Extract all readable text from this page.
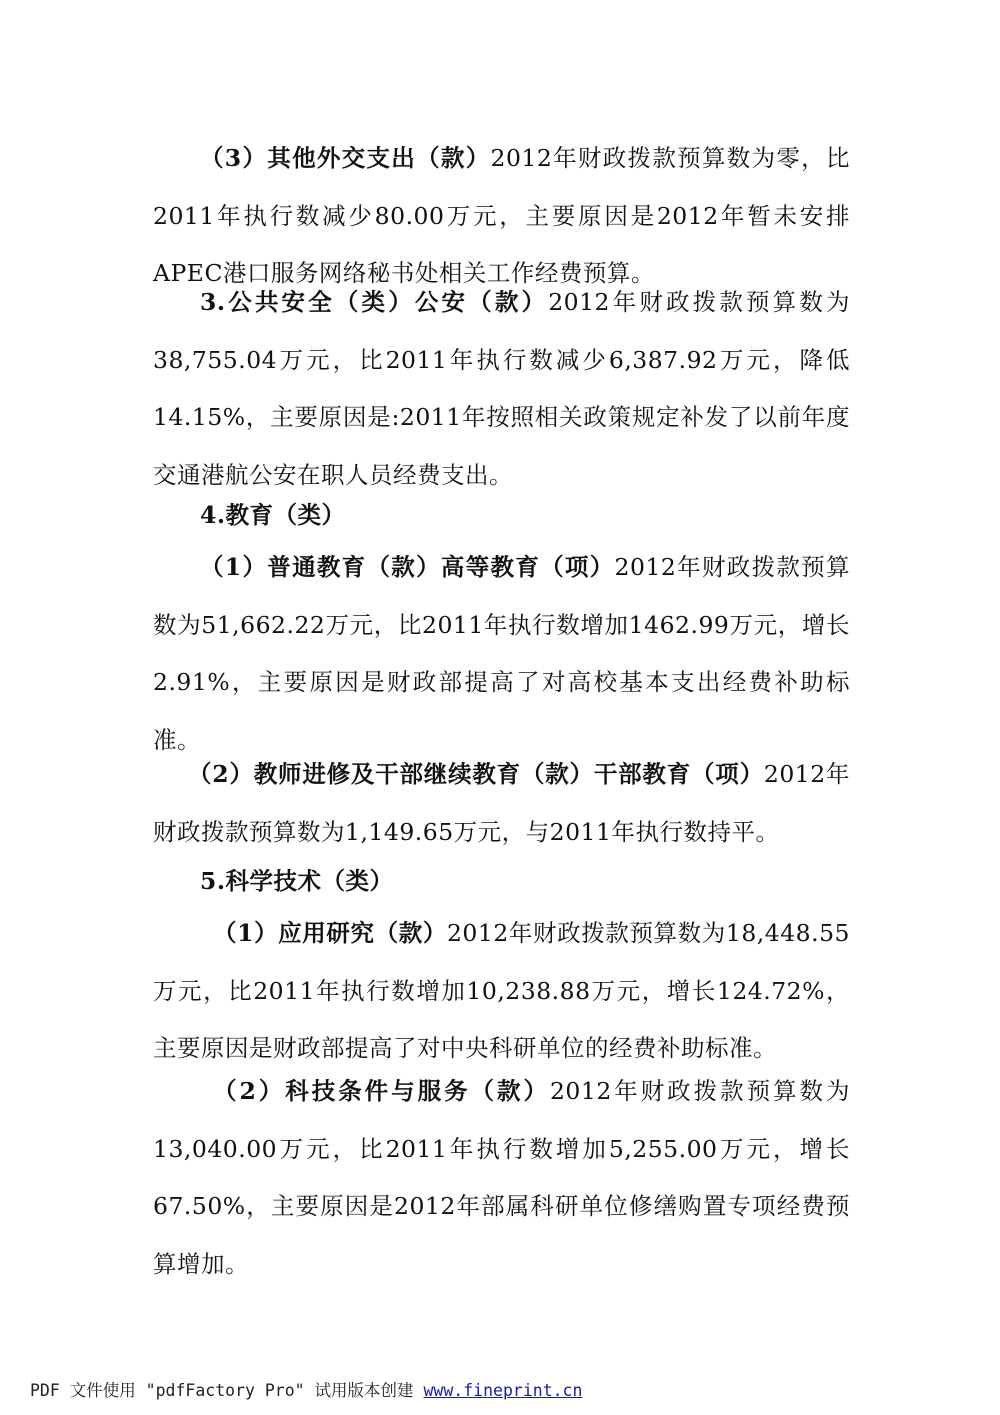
（3）其他外交支出（款）2012年财政拨款预算数为零，比2011年执行数减少80.00万元，主要原因是2012年暂未安排APEC港口服务网络秘书处相关工作经费预算。

3.公共安全（类）公安（款）2012年财政拨款预算数为38,755.04万元，比2011年执行数减少6,387.92万元，降低14.15%，主要原因是:2011年按照相关政策规定补发了以前年度交通港航公安在职人员经费支出。

4.教育（类）

（1）普通教育（款）高等教育（项）2012年财政拨款预算数为51,662.22万元，比2011年执行数增加1462.99万元，增长2.91%，主要原因是财政部提高了对高校基本支出经费补助标准。

（2）教师进修及干部继续教育（款）干部教育（项）2012年财政拨款预算数为1,149.65万元，与2011年执行数持平。

5.科学技术（类）

（1）应用研究（款）2012年财政拨款预算数为18,448.55万元，比2011年执行数增加10,238.88万元，增长124.72%，主要原因是财政部提高了对中央科研单位的经费补助标准。

（2）科技条件与服务（款）2012年财政拨款预算数为13,040.00万元，比2011年执行数增加5,255.00万元，增长67.50%，主要原因是2012年部属科研单位修缮购置专项经费预算增加。

PDF 文件使用 "pdfFactory Pro" 试用版本创建 www.fineprint.cn
